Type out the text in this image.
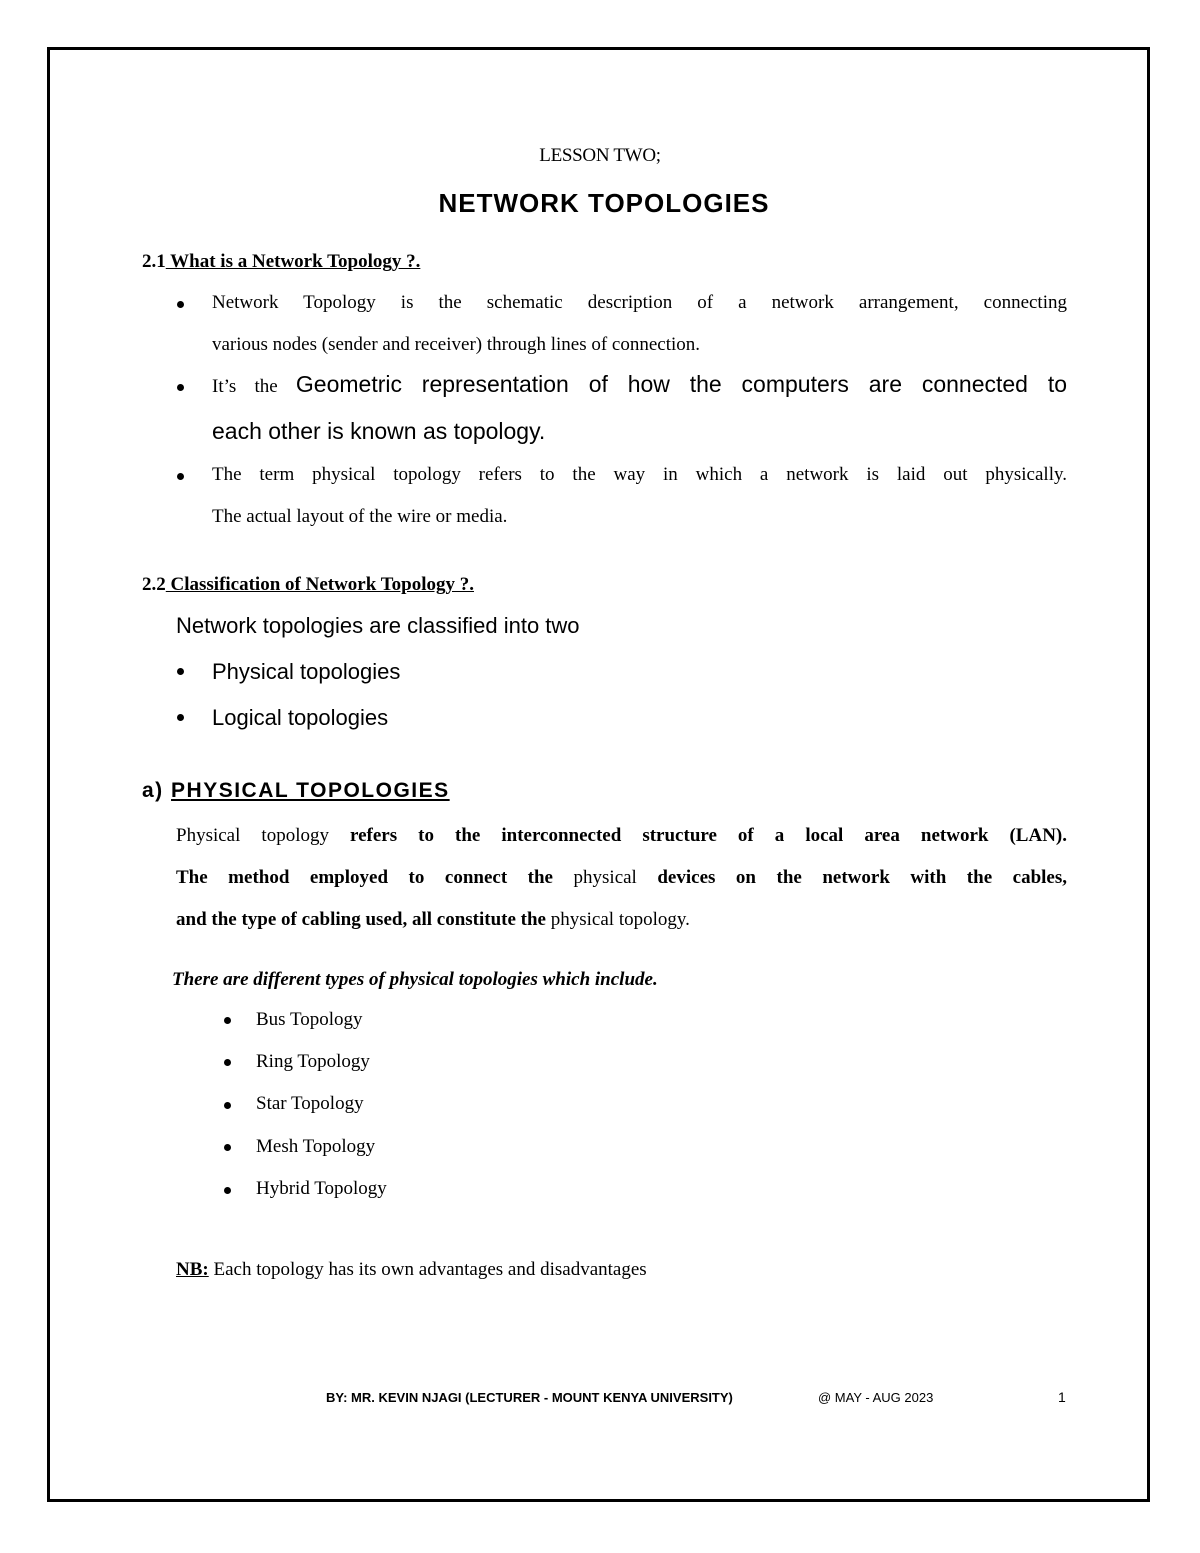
LESSON TWO;
NETWORK TOPOLOGIES
2.1 What is a Network Topology ?.
Network Topology is the schematic description of a network arrangement, connecting
various nodes (sender and receiver) through lines of connection.
It’s the Geometric representation of how the computers are connected to
each other is known as topology.
The term physical topology refers to the way in which a network is laid out physically.
The actual layout of the wire or media.
2.2 Classification of Network Topology ?.
Network topologies are classified into two
Physical topologies
Logical topologies
a) PHYSICAL TOPOLOGIES
Physical topology refers to the interconnected structure of a local area network (LAN).
The method employed to connect the physical devices on the network with the cables,
and the type of cabling used, all constitute the physical topology.
There are different types of physical topologies which include.
Bus Topology
Ring Topology
Star Topology
Mesh Topology
Hybrid Topology
NB: Each topology has its own advantages and disadvantages
BY: MR. KEVIN NJAGI (LECTURER - MOUNT KENYA UNIVERSITY)	@ MAY - AUG 2023	1
